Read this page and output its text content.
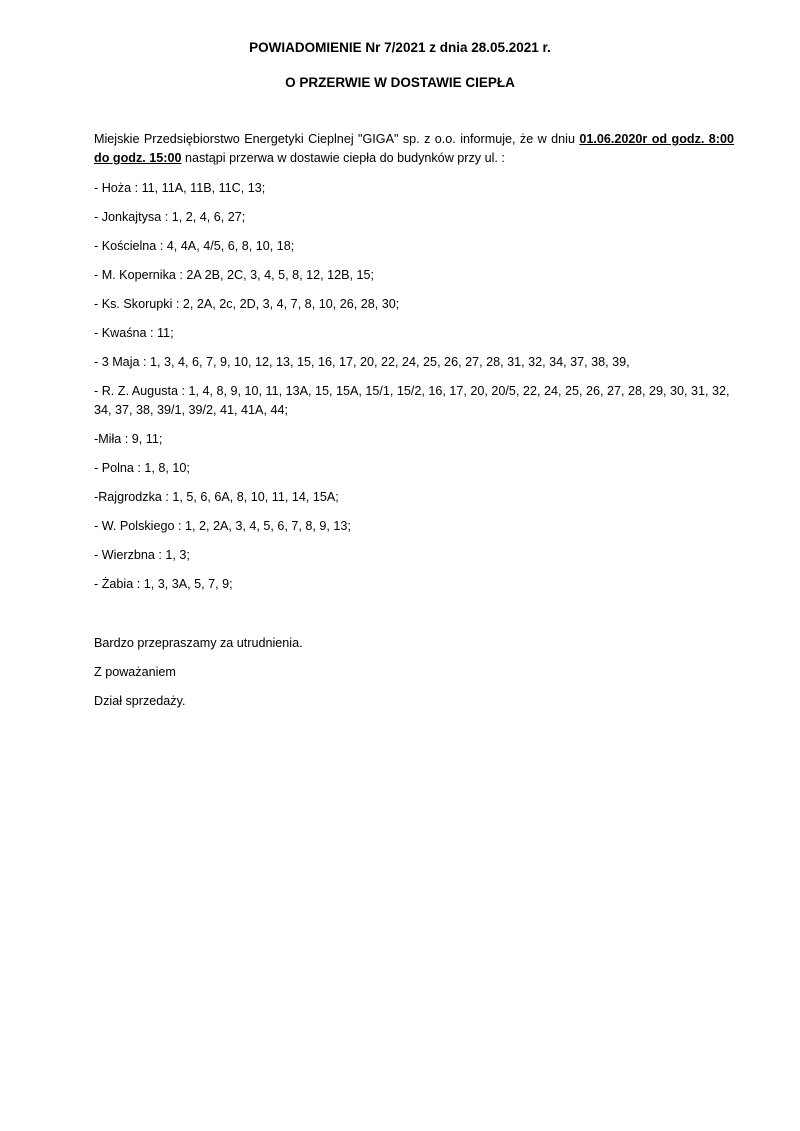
POWIADOMIENIE Nr 7/2021 z dnia 28.05.2021 r.
O PRZERWIE W DOSTAWIE CIEPŁA

Miejskie Przedsiębiorstwo Energetyki Cieplnej "GIGA" sp. z o.o. informuje, że w dniu 01.06.2020r od godz. 8:00 do godz. 15:00 nastąpi przerwa w dostawie ciepła do budynków przy ul. :

- Hoża : 11, 11A, 11B, 11C, 13;

- Jonkajtysa : 1, 2, 4, 6, 27;

- Kościelna : 4, 4A, 4/5, 6, 8, 10, 18;

- M. Kopernika : 2A 2B, 2C, 3, 4, 5, 8, 12, 12B, 15;

- Ks. Skorupki : 2, 2A, 2c, 2D, 3, 4, 7, 8, 10, 26, 28, 30;

- Kwaśna : 11;

- 3 Maja : 1, 3, 4, 6, 7, 9, 10, 12, 13, 15, 16, 17, 20, 22, 24, 25, 26, 27, 28, 31, 32, 34, 37, 38, 39,

- R. Z. Augusta : 1, 4, 8, 9, 10, 11, 13A, 15, 15A, 15/1, 15/2, 16, 17, 20, 20/5, 22, 24, 25, 26, 27, 28, 29, 30, 31, 32, 34, 37, 38, 39/1, 39/2, 41, 41A, 44;

-Miła : 9, 11;

- Polna : 1, 8, 10;

-Rajgrodzka : 1, 5, 6, 6A, 8, 10, 11, 14, 15A;

- W. Polskiego : 1, 2, 2A, 3, 4, 5, 6, 7, 8, 9, 13;

- Wierzbna : 1, 3;

- Żabia : 1, 3, 3A, 5, 7, 9;

Bardzo przepraszamy za utrudnienia.

Z poważaniem

Dział sprzedaży.
